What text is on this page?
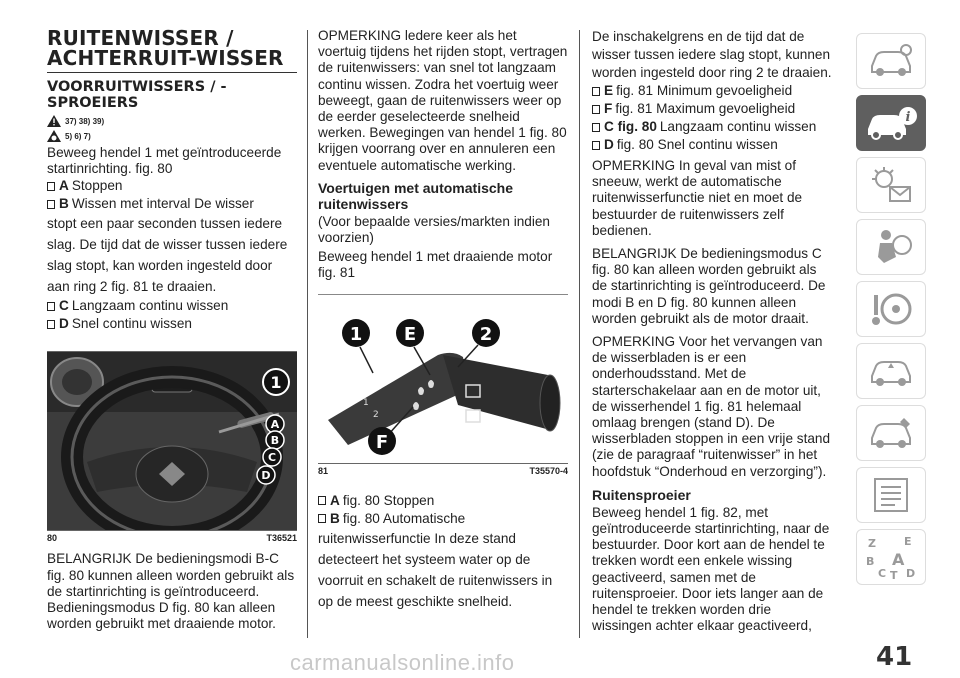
RUITENWISSER / ACHTERRUIT-WISSER
VOORRUITWISSERS / -SPROEIERS
37) 38) 39)
5) 6) 7)

Beweeg hendel 1 met geïntroduceerde startinrichting. fig. 80

A Stoppen
B Wissen met interval De wisser

stopt een paar seconden tussen iedere slag. De tijd dat de wisser tussen iedere slag stopt, kan worden ingesteld door aan ring 2 fig. 81 te draaien.

C Langzaam continu wissen
D Snel continu wissen
888	1
A
B
C
D
80	T36521

BELANGRIJK De bedieningsmodi B-C fig. 80 kunnen alleen worden gebruikt als de startinrichting is geïntroduceerd. Bedieningsmodus D fig. 80 kan alleen worden gebruikt met draaiende motor.

OPMERKING ledere keer als het voertuig tijdens het rijden stopt, vertragen de ruitenwissers: van snel tot langzaam continu wissen. Zodra het voertuig weer beweegt, gaan de ruitenwissers weer op de eerder geselecteerde snelheid werken. Bewegingen van hendel 1 fig. 80 krijgen voorrang over en annuleren een eventuele automatische werking.

Voertuigen met automatische ruitenwissers

(Voor bepaalde versies/markten indien voorzien)

Beweeg hendel 1 met draaiende motor fig. 81

1
2
1 E	2
F
81	T35570-4
A fig. 80 Stoppen
B fig. 80 Automatische

ruitenwisserfunctie In deze stand detecteert het systeem water op de voorruit en schakelt de ruitenwissers in op de meest geschikte snelheid.

De inschakelgrens en de tijd dat de wisser tussen iedere slag stopt, kunnen worden ingesteld door ring 2 te draaien.

E fig. 81 Minimum gevoeligheid
F fig. 81 Maximum gevoeligheid
C fig. 80 Langzaam continu wissen
D fig. 80 Snel continu wissen

OPMERKING In geval van mist of sneeuw, werkt de automatische ruitenwisserfunctie niet en moet de bestuurder de ruitenwissers zelf bedienen.

BELANGRIJK De bedieningsmodus C fig. 80 kan alleen worden gebruikt als de startinrichting is geïntroduceerd. De modi B en D fig. 80 kunnen alleen worden gebruikt als de motor draait.

OPMERKING Voor het vervangen van de wisserbladen is er een onderhoudsstand. Met de starterschakelaar aan en de motor uit, de wisserhendel 1 fig. 81 helemaal omlaag brengen (stand D). De wisserbladen stoppen in een vrije stand (zie de paragraaf “ruitenwisser” in het hoofdstuk “Onderhoud en verzorging”).

Ruitensproeier

Beweeg hendel 1 fig. 82, met geïntroduceerde startinrichting, naar de bestuurder. Door kort aan de hendel te trekken wordt een enkele wissing geactiveerd, samen met de ruitensproeier. Door iets langer aan de hendel te trekken worden drie wissingen achter elkaar geactiveerd,

i
Z	E
B A
C T D
41
carmanualsonline.info
